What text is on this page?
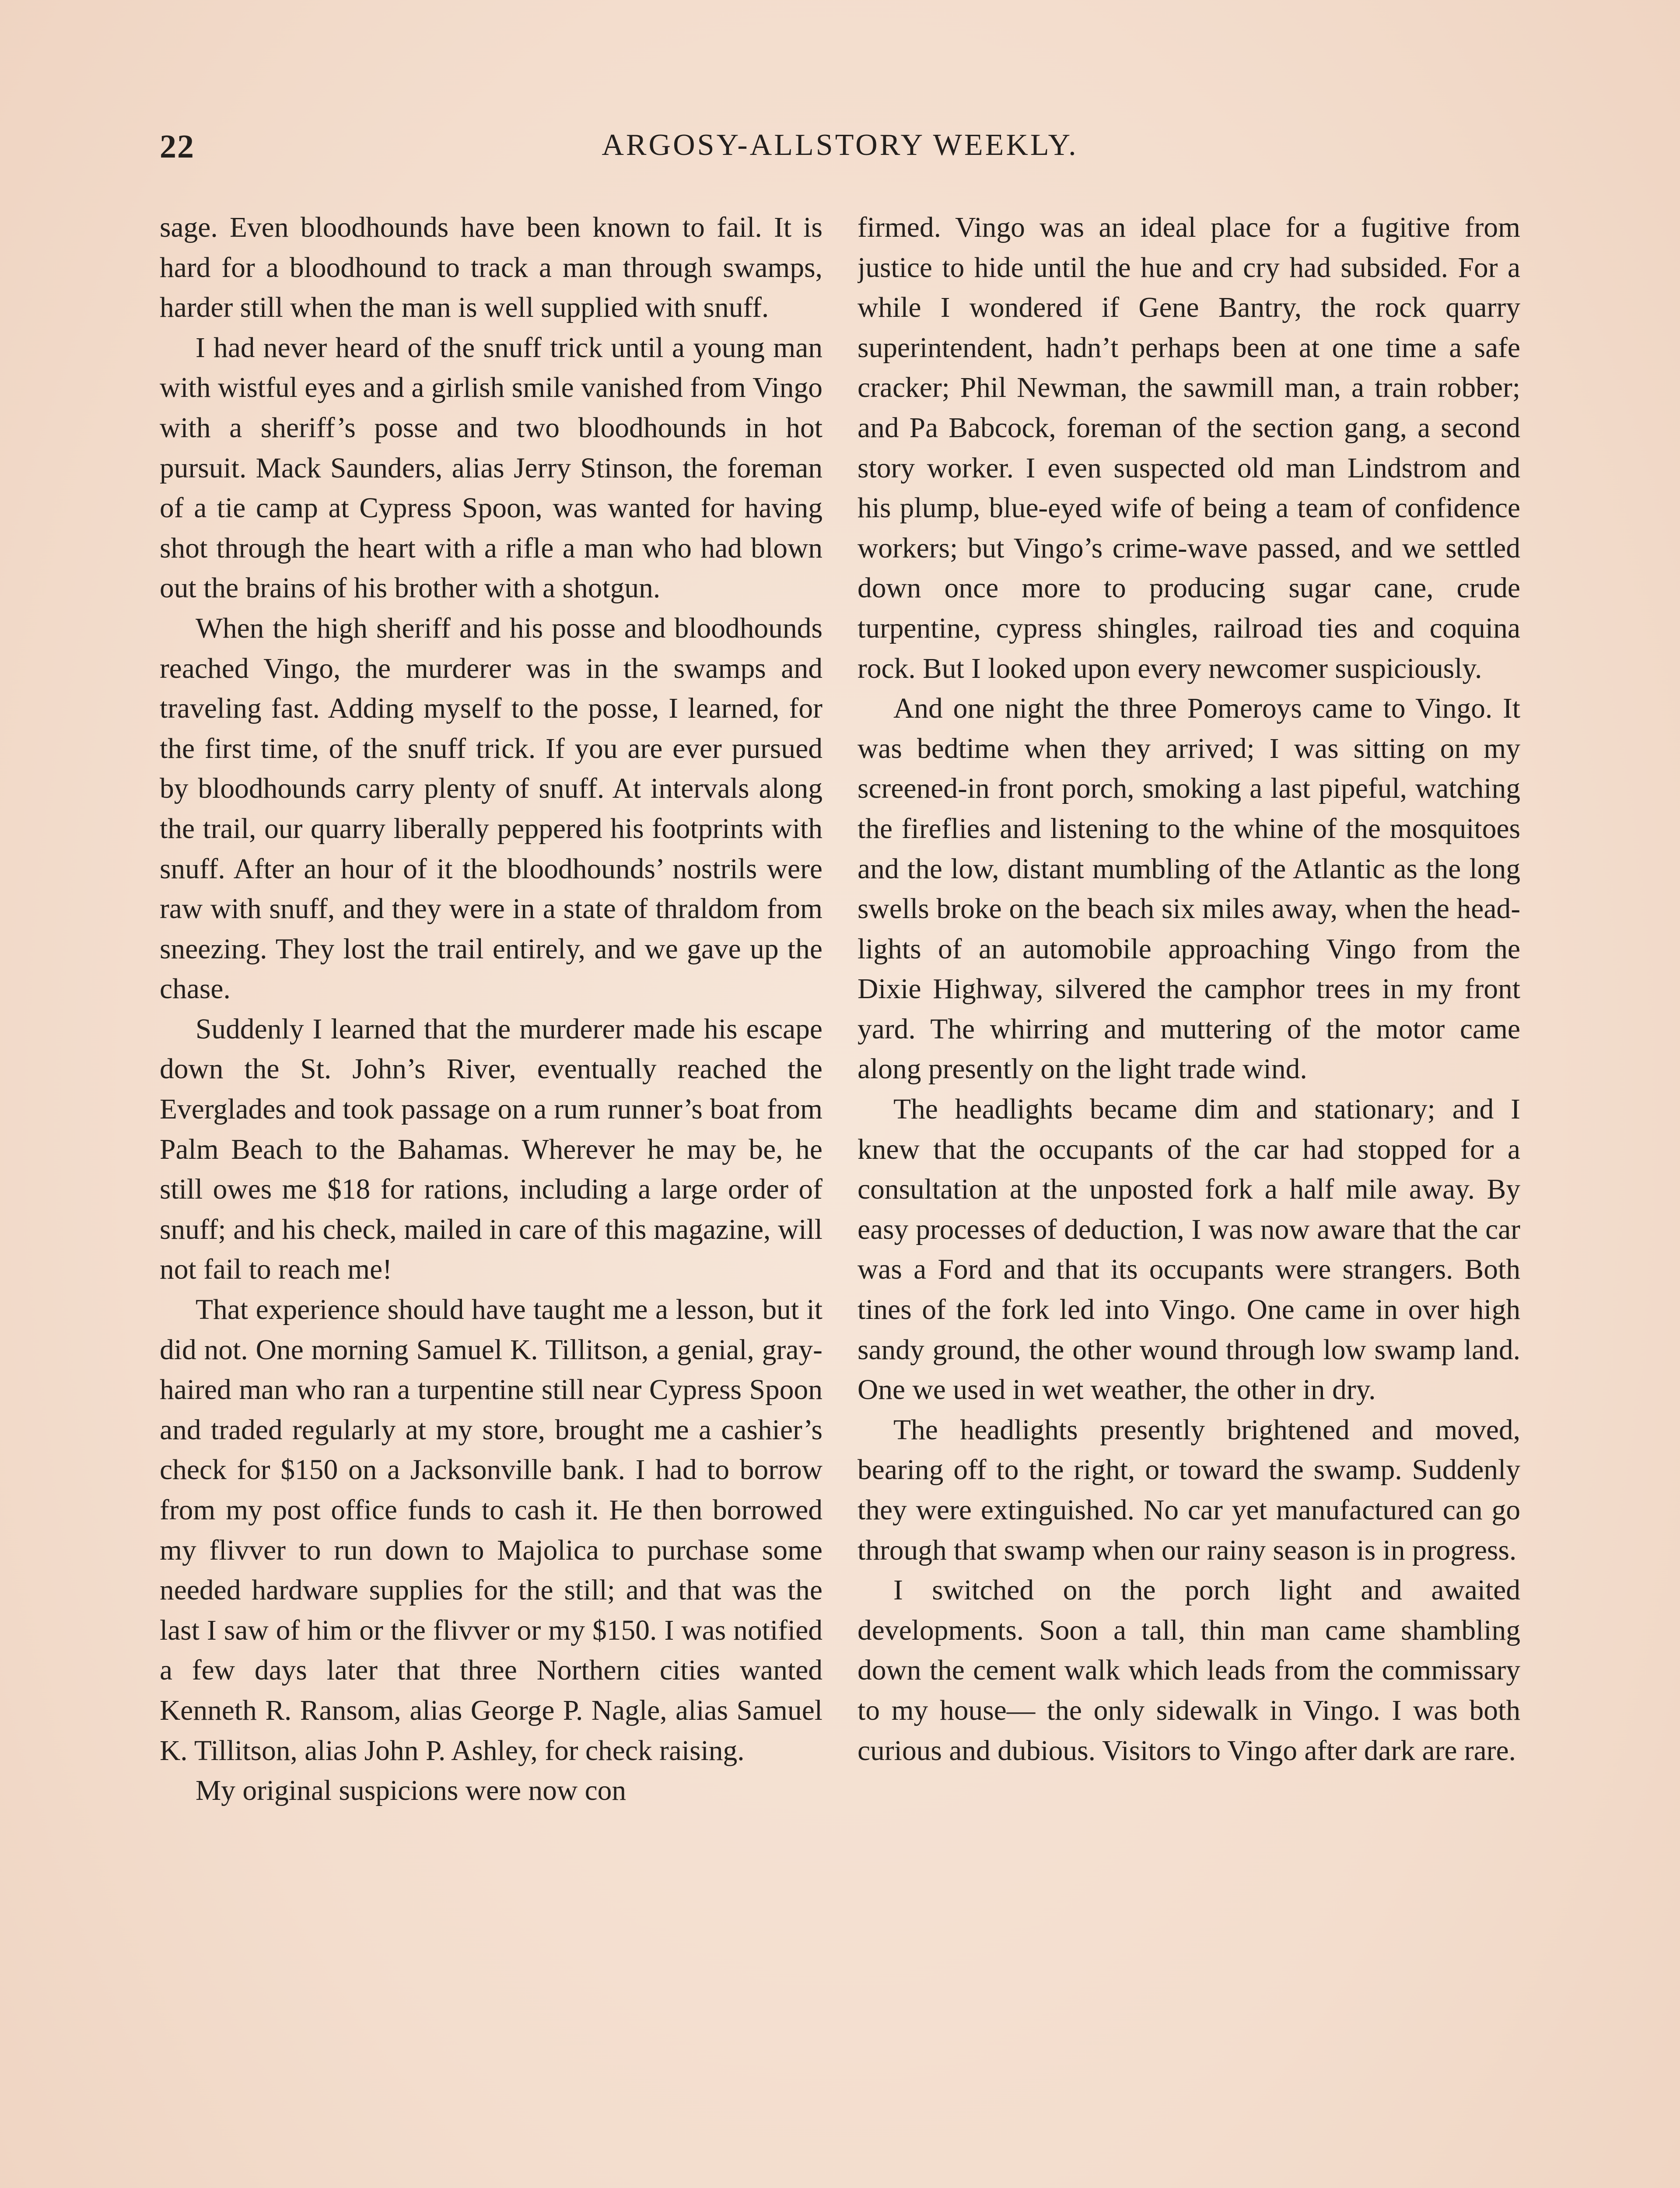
22	ARGOSY-ALLSTORY WEEKLY.

sage. Even bloodhounds have been known to fail. It is hard for a bloodhound to track a man through swamps, harder still when the man is well supplied with snuff.

I had never heard of the snuff trick until a young man with wistful eyes and a girlish smile vanished from Vingo with a sheriff’s posse and two bloodhounds in hot pursuit. Mack Saunders, alias Jerry Stinson, the foreman of a tie camp at Cypress Spoon, was wanted for having shot through the heart with a rifle a man who had blown out the brains of his brother with a shotgun.

When the high sheriff and his posse and bloodhounds reached Vingo, the murderer was in the swamps and traveling fast. Adding myself to the posse, I learned, for the first time, of the snuff trick. If you are ever pursued by bloodhounds carry plenty of snuff. At intervals along the trail, our quarry liberally peppered his footprints with snuff. After an hour of it the bloodhounds’ nostrils were raw with snuff, and they were in a state of thraldom from sneezing. They lost the trail entirely, and we gave up the chase.

Suddenly I learned that the murderer made his escape down the St. John’s River, eventually reached the Everglades and took passage on a rum runner’s boat from Palm Beach to the Bahamas. Wherever he may be, he still owes me $18 for rations, including a large order of snuff; and his check, mailed in care of this magazine, will not fail to reach me!

That experience should have taught me a lesson, but it did not. One morning Samuel K. Tillitson, a genial, gray-haired man who ran a turpentine still near Cypress Spoon and traded regularly at my store, brought me a cashier’s check for $150 on a Jacksonville bank. I had to borrow from my post office funds to cash it. He then borrowed my flivver to run down to Majolica to purchase some needed hardware supplies for the still; and that was the last I saw of him or the flivver or my $150. I was notified a few days later that three Northern cities wanted Kenneth R. Ransom, alias George P. Nagle, alias Samuel K. Tillitson, alias John P. Ashley, for check raising.

My original suspicions were now con

firmed. Vingo was an ideal place for a fugitive from justice to hide until the hue and cry had subsided. For a while I wondered if Gene Bantry, the rock quarry superintendent, hadn’t perhaps been at one time a safe cracker; Phil Newman, the sawmill man, a train robber; and Pa Babcock, foreman of the section gang, a second story worker. I even suspected old man Lindstrom and his plump, blue-eyed wife of being a team of confidence workers; but Vingo’s crime-wave passed, and we settled down once more to producing sugar cane, crude turpentine, cypress shingles, railroad ties and coquina rock. But I looked upon every newcomer suspiciously.

And one night the three Pomeroys came to Vingo. It was bedtime when they arrived; I was sitting on my screened-in front porch, smoking a last pipeful, watching the fireflies and listening to the whine of the mosquitoes and the low, distant mumbling of the Atlantic as the long swells broke on the beach six miles away, when the headlights of an automobile approaching Vingo from the Dixie Highway, silvered the camphor trees in my front yard. The whirring and muttering of the motor came along presently on the light trade wind.

The headlights became dim and stationary; and I knew that the occupants of the car had stopped for a consultation at the unposted fork a half mile away. By easy processes of deduction, I was now aware that the car was a Ford and that its occupants were strangers. Both tines of the fork led into Vingo. One came in over high sandy ground, the other wound through low swamp land. One we used in wet weather, the other in dry.

The headlights presently brightened and moved, bearing off to the right, or toward the swamp. Suddenly they were extinguished. No car yet manufactured can go through that swamp when our rainy season is in progress.

I switched on the porch light and awaited developments. Soon a tall, thin man came shambling down the cement walk which leads from the commissary to my house— the only sidewalk in Vingo. I was both curious and dubious. Visitors to Vingo after dark are rare.
